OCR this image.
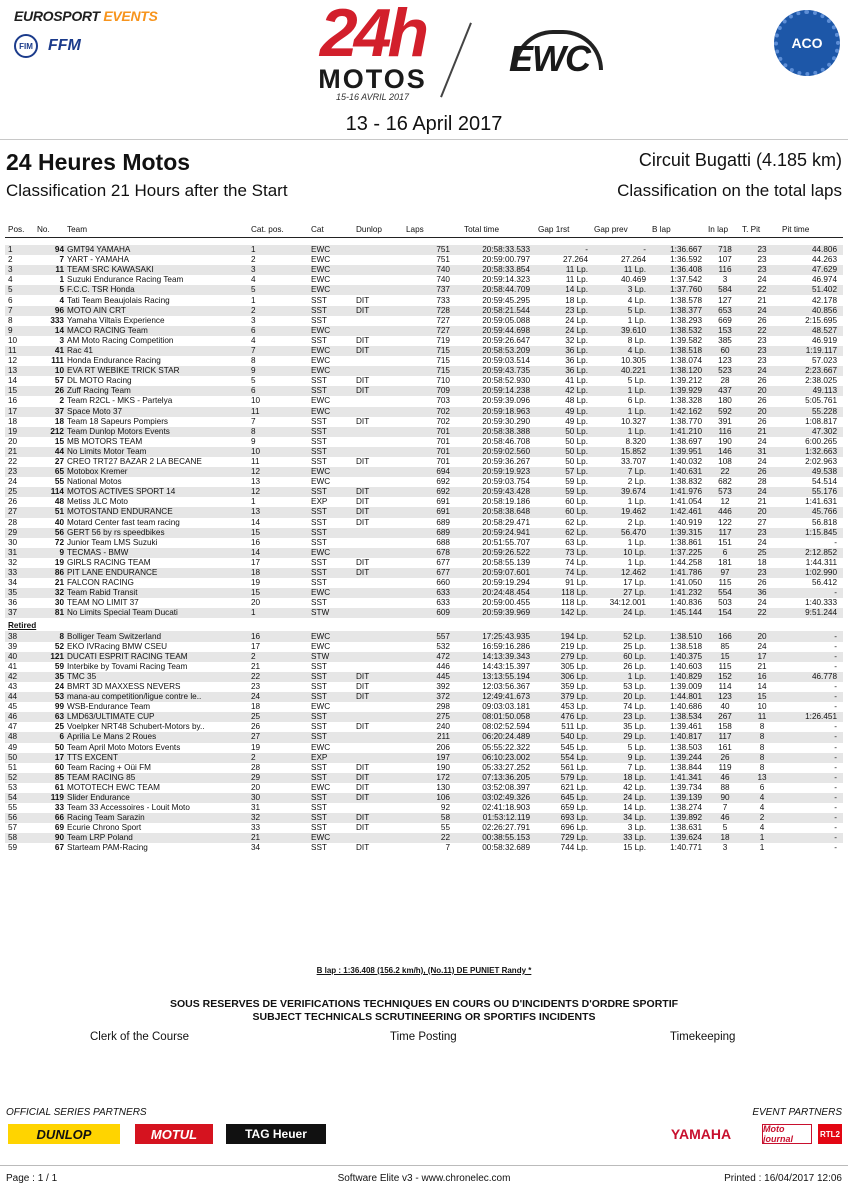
EUROSPORT EVENTS
FIM FFM	24h
MOTOS
15-16 AVRIL 2017
EWC	ACO
13 - 16 April 2017
24 Heures Motos	Circuit Bugatti (4.185 km)
Classification 21 Hours after the Start	Classification on the total laps
Pos.	No.	Team	Cat. pos.	Cat	Dunlop	Laps	Total time	Gap 1rst	Gap prev	B lap	In lap	T. Pit	Pit time

1	94	GMT94 YAMAHA	1	EWC		751	20:58:33.533	-	-	1:36.667	718	23	44.806
2	7	YART - YAMAHA	2	EWC		751	20:59:00.797	27.264	27.264	1:36.592	107	23	44.263
3	11	TEAM SRC KAWASAKI	3	EWC		740	20:58:33.854	11 Lp.	11 Lp.	1:36.408	116	23	47.629
4	1	Suzuki Endurance Racing Team	4	EWC		740	20:59:14.323	11 Lp.	40.469	1:37.542	3	24	46.974
5	5	F.C.C. TSR Honda	5	EWC		737	20:58:44.709	14 Lp.	3 Lp.	1:37.760	584	22	51.402
6	4	Tati Team Beaujolais Racing	1	SST	DIT	733	20:59:45.295	18 Lp.	4 Lp.	1:38.578	127	21	42.178
7	96	MOTO AIN CRT	2	SST	DIT	728	20:58:21.544	23 Lp.	5 Lp.	1:38.377	653	24	40.856
8	333	Yamaha Viltaïs Experience	3	SST		727	20:59:05.088	24 Lp.	1 Lp.	1:38.293	669	26	2:15.695
9	14	MACO RACING Team	6	EWC		727	20:59:44.698	24 Lp.	39.610	1:38.532	153	22	48.527
10	3	AM Moto Racing Competition	4	SST	DIT	719	20:59:26.647	32 Lp.	8 Lp.	1:39.582	385	23	46.919
11	41	Rac 41	7	EWC	DIT	715	20:58:53.209	36 Lp.	4 Lp.	1:38.518	60	23	1:19.117
12	111	Honda Endurance Racing	8	EWC		715	20:59:03.514	36 Lp.	10.305	1:38.074	123	23	57.023
13	10	EVA RT WEBIKE TRICK STAR	9	EWC		715	20:59:43.735	36 Lp.	40.221	1:38.120	523	24	2:23.667
14	57	DL MOTO Racing	5	SST	DIT	710	20:58:52.930	41 Lp.	5 Lp.	1:39.212	28	26	2:38.025
15	26	Zuff Racing Team	6	SST	DIT	709	20:59:14.238	42 Lp.	1 Lp.	1:39.929	437	20	49.113
16	2	Team R2CL - MKS - Partelya	10	EWC		703	20:59:39.096	48 Lp.	6 Lp.	1:38.328	180	26	5:05.761
17	37	Space Moto 37	11	EWC		702	20:59:18.963	49 Lp.	1 Lp.	1:42.162	592	20	55.228
18	18	Team 18 Sapeurs Pompiers	7	SST	DIT	702	20:59:30.290	49 Lp.	10.327	1:38.770	391	26	1:08.817
19	212	Team Dunlop Motors Events	8	SST		701	20:58:38.388	50 Lp.	1 Lp.	1:41.210	116	21	47.302
20	15	MB MOTORS TEAM	9	SST		701	20:58:46.708	50 Lp.	8.320	1:38.697	190	24	6:00.265
21	44	No Limits Motor Team	10	SST		701	20:59:02.560	50 Lp.	15.852	1:39.951	146	31	1:32.663
22	27	CREO TRT27 BAZAR 2 LA BECANE	11	SST	DIT	701	20:59:36.267	50 Lp.	33.707	1:40.032	108	24	2:02.963
23	65	Motobox Kremer	12	EWC		694	20:59:19.923	57 Lp.	7 Lp.	1:40.631	22	26	49.538
24	55	National Motos	13	EWC		692	20:59:03.754	59 Lp.	2 Lp.	1:38.832	682	28	54.514
25	114	MOTOS ACTIVES SPORT 14	12	SST	DIT	692	20:59:43.428	59 Lp.	39.674	1:41.976	573	24	55.176
26	48	Metiss JLC Moto	1	EXP	DIT	691	20:58:19.186	60 Lp.	1 Lp.	1:41.054	12	21	1:41.631
27	51	MOTOSTAND ENDURANCE	13	SST	DIT	691	20:58:38.648	60 Lp.	19.462	1:42.461	446	20	45.766
28	40	Motard Center fast team racing	14	SST	DIT	689	20:58:29.471	62 Lp.	2 Lp.	1:40.919	122	27	56.818
29	56	GERT 56 by rs speedbikes	15	SST		689	20:59:24.941	62 Lp.	56.470	1:39.315	117	23	1:15.845
30	72	Junior Team LMS Suzuki	16	SST		688	20:51:55.707	63 Lp.	1 Lp.	1:38.861	151	24	-
31	9	TECMAS - BMW	14	EWC		678	20:59:26.522	73 Lp.	10 Lp.	1:37.225	6	25	2:12.852
32	19	GIRLS RACING TEAM	17	SST	DIT	677	20:58:55.139	74 Lp.	1 Lp.	1:44.258	181	18	1:44.311
33	86	PIT LANE ENDURANCE	18	SST	DIT	677	20:59:07.601	74 Lp.	12.462	1:41.786	97	23	1:02.990
34	21	FALCON RACING	19	SST		660	20:59:19.294	91 Lp.	17 Lp.	1:41.050	115	26	56.412
35	32	Team Rabid Transit	15	EWC		633	20:24:48.454	118 Lp.	27 Lp.	1:41.232	554	36	-
36	30	TEAM NO LIMIT 37	20	SST		633	20:59:00.455	118 Lp.	34:12.001	1:40.836	503	24	1:40.333
37	81	No Limits Special Team Ducati	1	STW		609	20:59:39.969	142 Lp.	24 Lp.	1:45.144	154	22	9:51.244
Retired													
38	8	Bolliger Team Switzerland	16	EWC		557	17:25:43.935	194 Lp.	52 Lp.	1:38.510	166	20	-
39	52	EKO IVRacing BMW CSEU	17	EWC		532	16:59:16.286	219 Lp.	25 Lp.	1:38.518	85	24	-
40	121	DUCATI ESPRIT RACING TEAM	2	STW		472	14:13:39.343	279 Lp.	60 Lp.	1:40.375	15	17	-
41	59	Interbike by Tovami Racing Team	21	SST		446	14:43:15.397	305 Lp.	26 Lp.	1:40.603	115	21	-
42	35	TMC 35	22	SST	DIT	445	13:13:55.194	306 Lp.	1 Lp.	1:40.829	152	16	46.778
43	24	BMRT 3D MAXXESS NEVERS	23	SST	DIT	392	12:03:56.367	359 Lp.	53 Lp.	1:39.009	114	14	-
44	53	mana-au competition/ligue contre le..	24	SST	DIT	372	12:49:41.673	379 Lp.	20 Lp.	1:44.801	123	15	-
45	99	WSB-Endurance Team	18	EWC		298	09:03:03.181	453 Lp.	74 Lp.	1:40.686	40	10	-
46	63	LMD63/ULTIMATE CUP	25	SST		275	08:01:50.058	476 Lp.	23 Lp.	1:38.534	267	11	1:26.451
47	25	Voelpker NRT48 Schubert-Motors by..	26	SST	DIT	240	08:02:52.594	511 Lp.	35 Lp.	1:39.461	158	8	-
48	6	Aprilia Le Mans 2 Roues	27	SST		211	06:20:24.489	540 Lp.	29 Lp.	1:40.817	117	8	-
49	50	Team April Moto Motors Events	19	EWC		206	05:55:22.322	545 Lp.	5 Lp.	1:38.503	161	8	-
50	17	TTS EXCENT	2	EXP		197	06:10:23.002	554 Lp.	9 Lp.	1:39.244	26	8	-
51	60	Team Racing + Oüi FM	28	SST	DIT	190	05:33:27.252	561 Lp.	7 Lp.	1:38.844	119	8	-
52	85	TEAM RACING 85	29	SST	DIT	172	07:13:36.205	579 Lp.	18 Lp.	1:41.341	46	13	-
53	61	MOTOTECH EWC TEAM	20	EWC	DIT	130	03:52:08.397	621 Lp.	42 Lp.	1:39.734	88	6	-
54	119	Slider Endurance	30	SST	DIT	106	03:02:49.326	645 Lp.	24 Lp.	1:39.139	90	4	-
55	33	Team 33 Accessoires - Louit Moto	31	SST		92	02:41:18.903	659 Lp.	14 Lp.	1:38.274	7	4	-
56	66	Racing Team Sarazin	32	SST	DIT	58	01:53:12.119	693 Lp.	34 Lp.	1:39.892	46	2	-
57	69	Ecurie Chrono Sport	33	SST	DIT	55	02:26:27.791	696 Lp.	3 Lp.	1:38.631	5	4	-
58	90	Team LRP Poland	21	EWC		22	00:38:55.153	729 Lp.	33 Lp.	1:39.624	18	1	-
59	67	Starteam PAM-Racing	34	SST	DIT	7	00:58:32.689	744 Lp.	15 Lp.	1:40.771	3	1	-
B lap : 1:36.408 (156.2 km/h), (No.11) DE PUNIET Randy *
SOUS RESERVES DE VERIFICATIONS TECHNIQUES EN COURS OU D'INCIDENTS D'ORDRE SPORTIF
SUBJECT TECHNICALS SCRUTINEERING OR SPORTIFS INCIDENTS
Clerk of the Course	Time Posting	Timekeeping
OFFICIAL SERIES PARTNERS	EVENT PARTNERS
DUNLOP	MOTUL	TAG Heuer	YAMAHA	Moto journal	RTL2
Page : 1 / 1	Software Elite v3 - www.chronelec.com	Printed : 16/04/2017 12:06
